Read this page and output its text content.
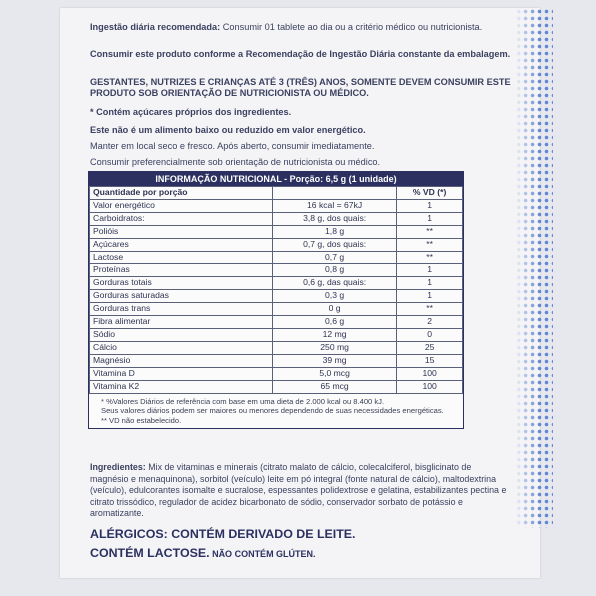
Ingestão diária recomendada: Consumir 01 tablete ao dia ou a critério médico ou nutricionista.
Consumir este produto conforme a Recomendação de Ingestão Diária constante da embalagem.
GESTANTES, NUTRIZES E CRIANÇAS ATÉ 3 (TRÊS) ANOS, SOMENTE DEVEM CONSUMIR ESTE PRODUTO SOB ORIENTAÇÃO DE NUTRICIONISTA OU MÉDICO.
* Contém açúcares próprios dos ingredientes.
Este não é um alimento baixo ou reduzido em valor energético.
Manter em local seco e fresco. Após aberto, consumir imediatamente.
Consumir preferencialmente sob orientação de nutricionista ou médico.
INFORMAÇÃO NUTRICIONAL - Porção: 6,5 g (1 unidade)
Quantidade por porção		% VD (*)
Valor energético	16 kcal = 67kJ	1
Carboidratos:	3,8 g, dos quais:	1
Polióis	1,8 g	**
Açúcares	0,7 g, dos quais:	**
Lactose	0,7 g	**
Proteínas	0,8 g	1
Gorduras totais	0,6 g, das quais:	1
Gorduras saturadas	0,3 g	1
Gorduras trans	0 g	**
Fibra alimentar	0,6 g	2
Sódio	12 mg	0
Cálcio	250 mg	25
Magnésio	39 mg	15
Vitamina D	5,0 mcg	100
Vitamina K2	65 mcg	100
* %Valores Diários de referência com base em uma dieta de 2.000 kcal ou 8.400 kJ.
Seus valores diários podem ser maiores ou menores dependendo de suas necessidades energéticas.
** VD não estabelecido.
Ingredientes: Mix de vitaminas e minerais (citrato malato de cálcio, colecalciferol, bisglicinato de magnésio e menaquinona), sorbitol (veículo) leite em pó integral (fonte natural de cálcio), maltodextrina (veículo), edulcorantes isomalte e sucralose, espessantes polidextrose e gelatina, estabilizantes pectina e citrato trissódico, regulador de acidez bicarbonato de sódio, conservador sorbato de potássio e aromatizante.
ALÉRGICOS: CONTÉM DERIVADO DE LEITE.
CONTÉM LACTOSE. NÃO CONTÉM GLÚTEN.
